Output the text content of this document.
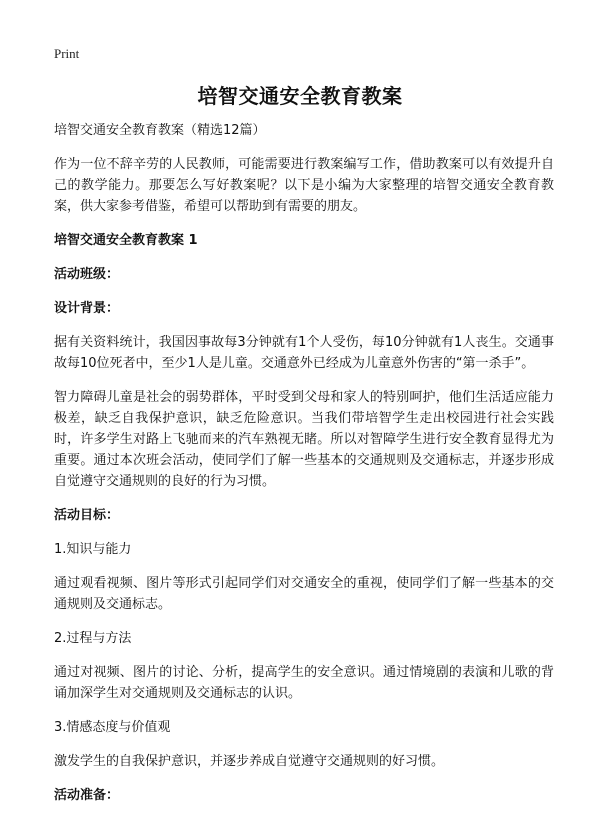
Print
培智交通安全教育教案
培智交通安全教育教案（精选12篇）
作为一位不辞辛劳的人民教师，可能需要进行教案编写工作，借助教案可以有效提升自己的教学能力。那要怎么写好教案呢？以下是小编为大家整理的培智交通安全教育教案，供大家参考借鉴，希望可以帮助到有需要的朋友。
培智交通安全教育教案 1
活动班级：
设计背景：
据有关资料统计，我国因事故每3分钟就有1个人受伤，每10分钟就有1人丧生。交通事故每10位死者中，至少1人是儿童。交通意外已经成为儿童意外伤害的“第一杀手”。
智力障碍儿童是社会的弱势群体，平时受到父母和家人的特别呵护，他们生活适应能力极差，缺乏自我保护意识，缺乏危险意识。当我们带培智学生走出校园进行社会实践时，许多学生对路上飞驰而来的汽车熟视无睹。所以对智障学生进行安全教育显得尤为重要。通过本次班会活动，使同学们了解一些基本的交通规则及交通标志，并逐步形成自觉遵守交通规则的良好的行为习惯。
活动目标：
1.知识与能力
通过观看视频、图片等形式引起同学们对交通安全的重视，使同学们了解一些基本的交通规则及交通标志。
2.过程与方法
通过对视频、图片的讨论、分析，提高学生的安全意识。通过情境剧的表演和儿歌的背诵加深学生对交通规则及交通标志的认识。
3.情感态度与价值观
激发学生的自我保护意识，并逐步养成自觉遵守交通规则的好习惯。
活动准备：
